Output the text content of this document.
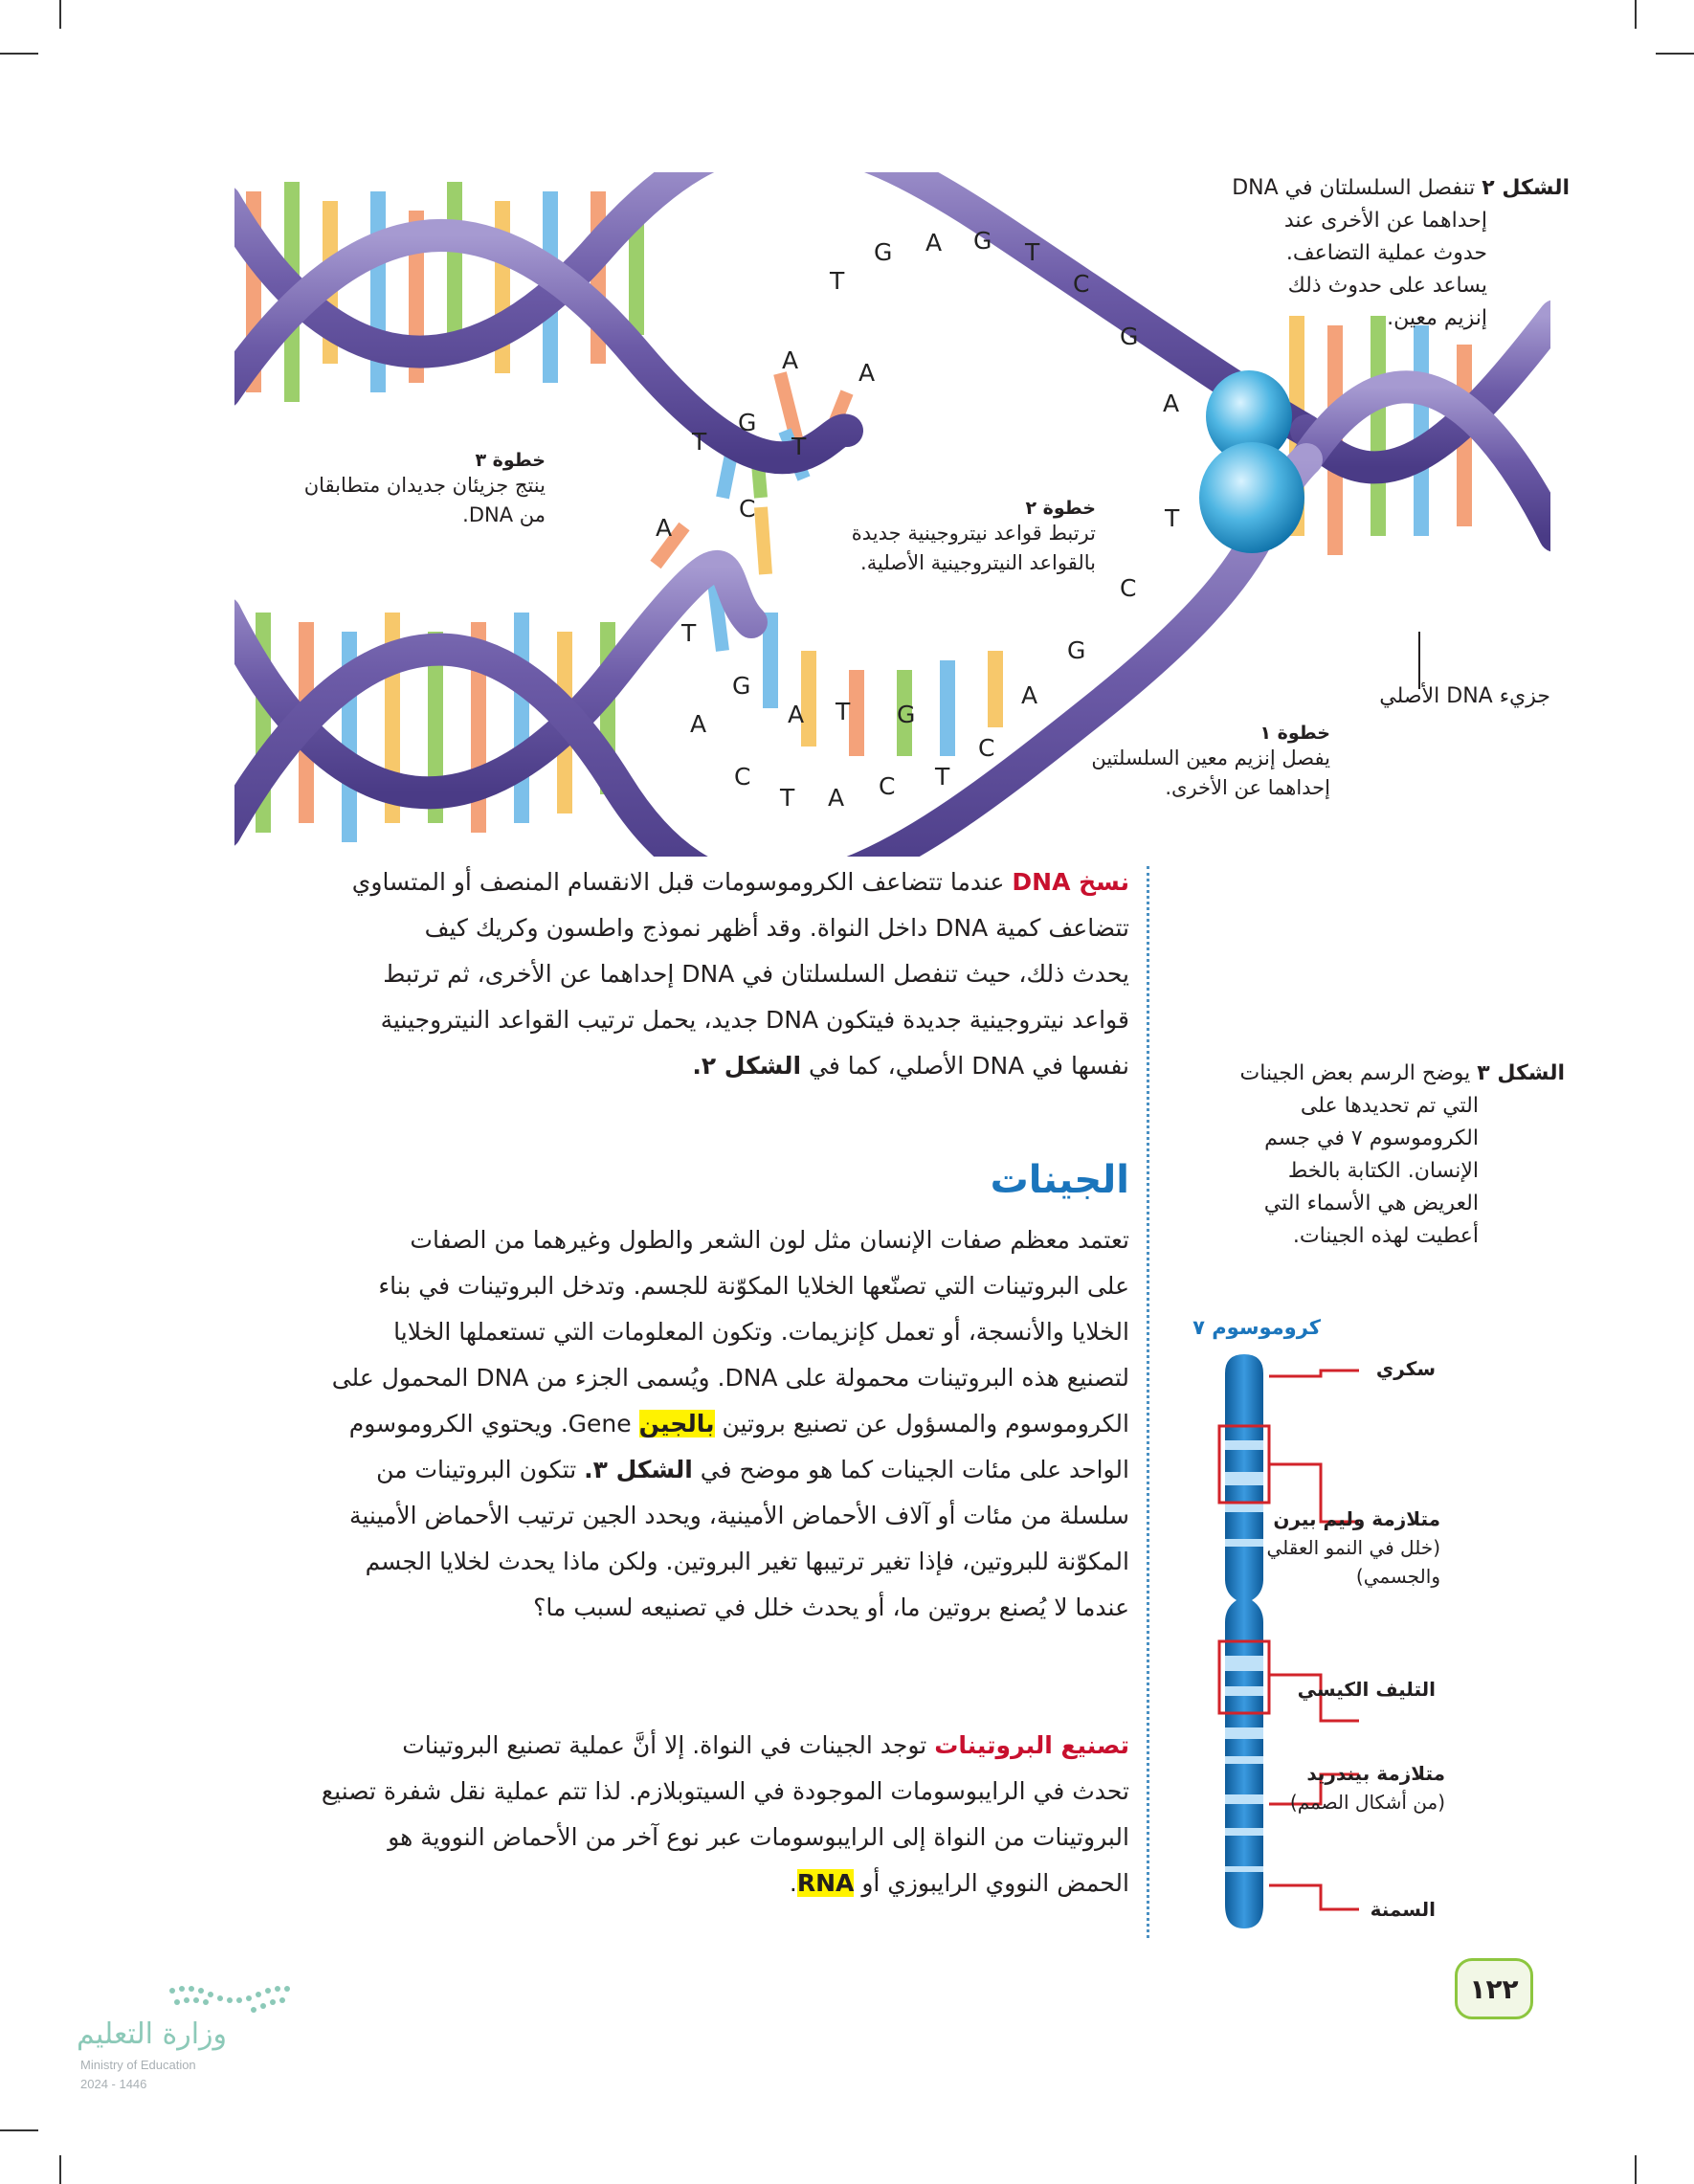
T
G A G T
C
G
A
T
C
G
A	A
G
T	T
C
A
T
G
A	A T G
A
C
C
T A C T
خطوة ٣
ينتج جزيئان جديدان متطابقان
من DNA.	خطوة ٢
ترتبط قواعد نيتروجينية جديدة
بالقواعد النيتروجينية الأصلية.
خطوة ١
يفصل إنزيم معين السلسلتين
إحداهما عن الأخرى.
جزيء DNA الأصلي
الشكل ٢ تنفصل السلسلتان في DNA
إحداهما عن الأخرى عند
حدوث عملية التضاعف.
يساعد على حدوث ذلك
إنزيم معين.
نسخ DNA عندما تتضاعف الكروموسومات قبل الانقسام المنصف أو المتساوي
تتضاعف كمية DNA داخل النواة. وقد أظهر نموذج واطسون وكريك كيف
يحدث ذلك، حيث تنفصل السلسلتان في DNA إحداهما عن الأخرى، ثم ترتبط
قواعد نيتروجينية جديدة فيتكون DNA جديد، يحمل ترتيب القواعد النيتروجينية
نفسها في DNA الأصلي، كما في الشكل ٢.
الجينات
تعتمد معظم صفات الإنسان مثل لون الشعر والطول وغيرهما من الصفات
على البروتينات التي تصنّعها الخلايا المكوّنة للجسم. وتدخل البروتينات في بناء
الخلايا والأنسجة، أو تعمل كإنزيمات. وتكون المعلومات التي تستعملها الخلايا
لتصنيع هذه البروتينات محمولة على DNA. ويُسمى الجزء من DNA المحمول على
الكروموسوم والمسؤول عن تصنيع بروتين بالجين Gene. ويحتوي الكروموسوم
الواحد على مئات الجينات كما هو موضح في الشكل ٣. تتكون البروتينات من
سلسلة من مئات أو آلاف الأحماض الأمينية، ويحدد الجين ترتيب الأحماض الأمينية
المكوّنة للبروتين، فإذا تغير ترتيبها تغير البروتين. ولكن ماذا يحدث لخلايا الجسم
عندما لا يُصنع بروتين ما، أو يحدث خلل في تصنيعه لسبب ما؟
تصنيع البروتينات توجد الجينات في النواة. إلا أنَّ عملية تصنيع البروتينات
تحدث في الرايبوسومات الموجودة في السيتوبلازم. لذا تتم عملية نقل شفرة تصنيع
البروتينات من النواة إلى الرايبوسومات عبر نوع آخر من الأحماض النووية هو
الحمض النووي الرايبوزي أو RNA.
الشكل ٣ يوضح الرسم بعض الجينات
التي تم تحديدها على
الكروموسوم ٧ في جسم
الإنسان. الكتابة بالخط
العريض هي الأسماء التي
أعطيت لهذه الجينات.
كروموسوم ٧
سكري
متلازمة وليم بيرن
(خلل في النمو العقلي والجسمي)
التليف الكيسي
متلازمة بيندريد
(من أشكال الصمم)
السمنة
١٢٢
وزارة التعليم
Ministry of Education
2024 - 1446
